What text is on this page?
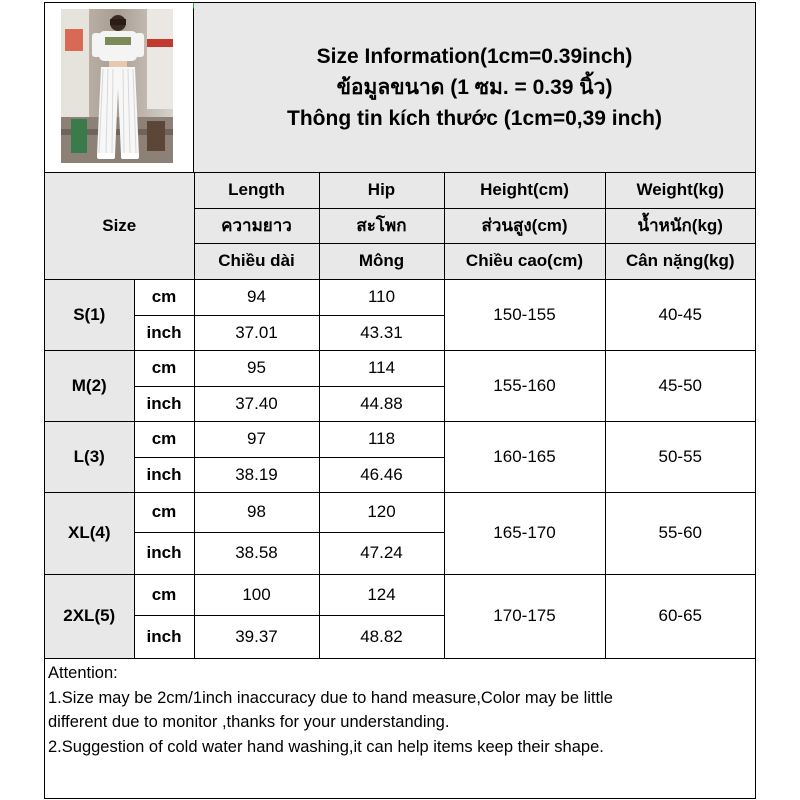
Size Information(1cm=0.39inch)
ข้อมูลขนาด (1 ซม. = 0.39 นิ้ว)
Thông tin kích thước (1cm=0,39 inch)
Size		Length	Hip	Height(cm)	Weight(kg)
		ความยาว	สะโพก	ส่วนสูง(cm)	น้ำหนัก(kg)
		Chiều dài	Mông	Chiều cao(cm)	Cân nặng(kg)
S(1)	cm	94	110	150-155	40-45
	inch	37.01	43.31		
M(2)	cm	95	114	155-160	45-50
	inch	37.40	44.88		
L(3)	cm	97	118	160-165	50-55
	inch	38.19	46.46		
XL(4)	cm	98	120	165-170	55-60
	inch	38.58	47.24		
2XL(5)	cm	100	124	170-175	60-65
	inch	39.37	48.82		
Attention:
1.Size may be 2cm/1inch inaccuracy due to hand measure,Color may be little
different due to monitor ,thanks for your understanding.
2.Suggestion of cold water hand washing,it can help items keep their shape.
